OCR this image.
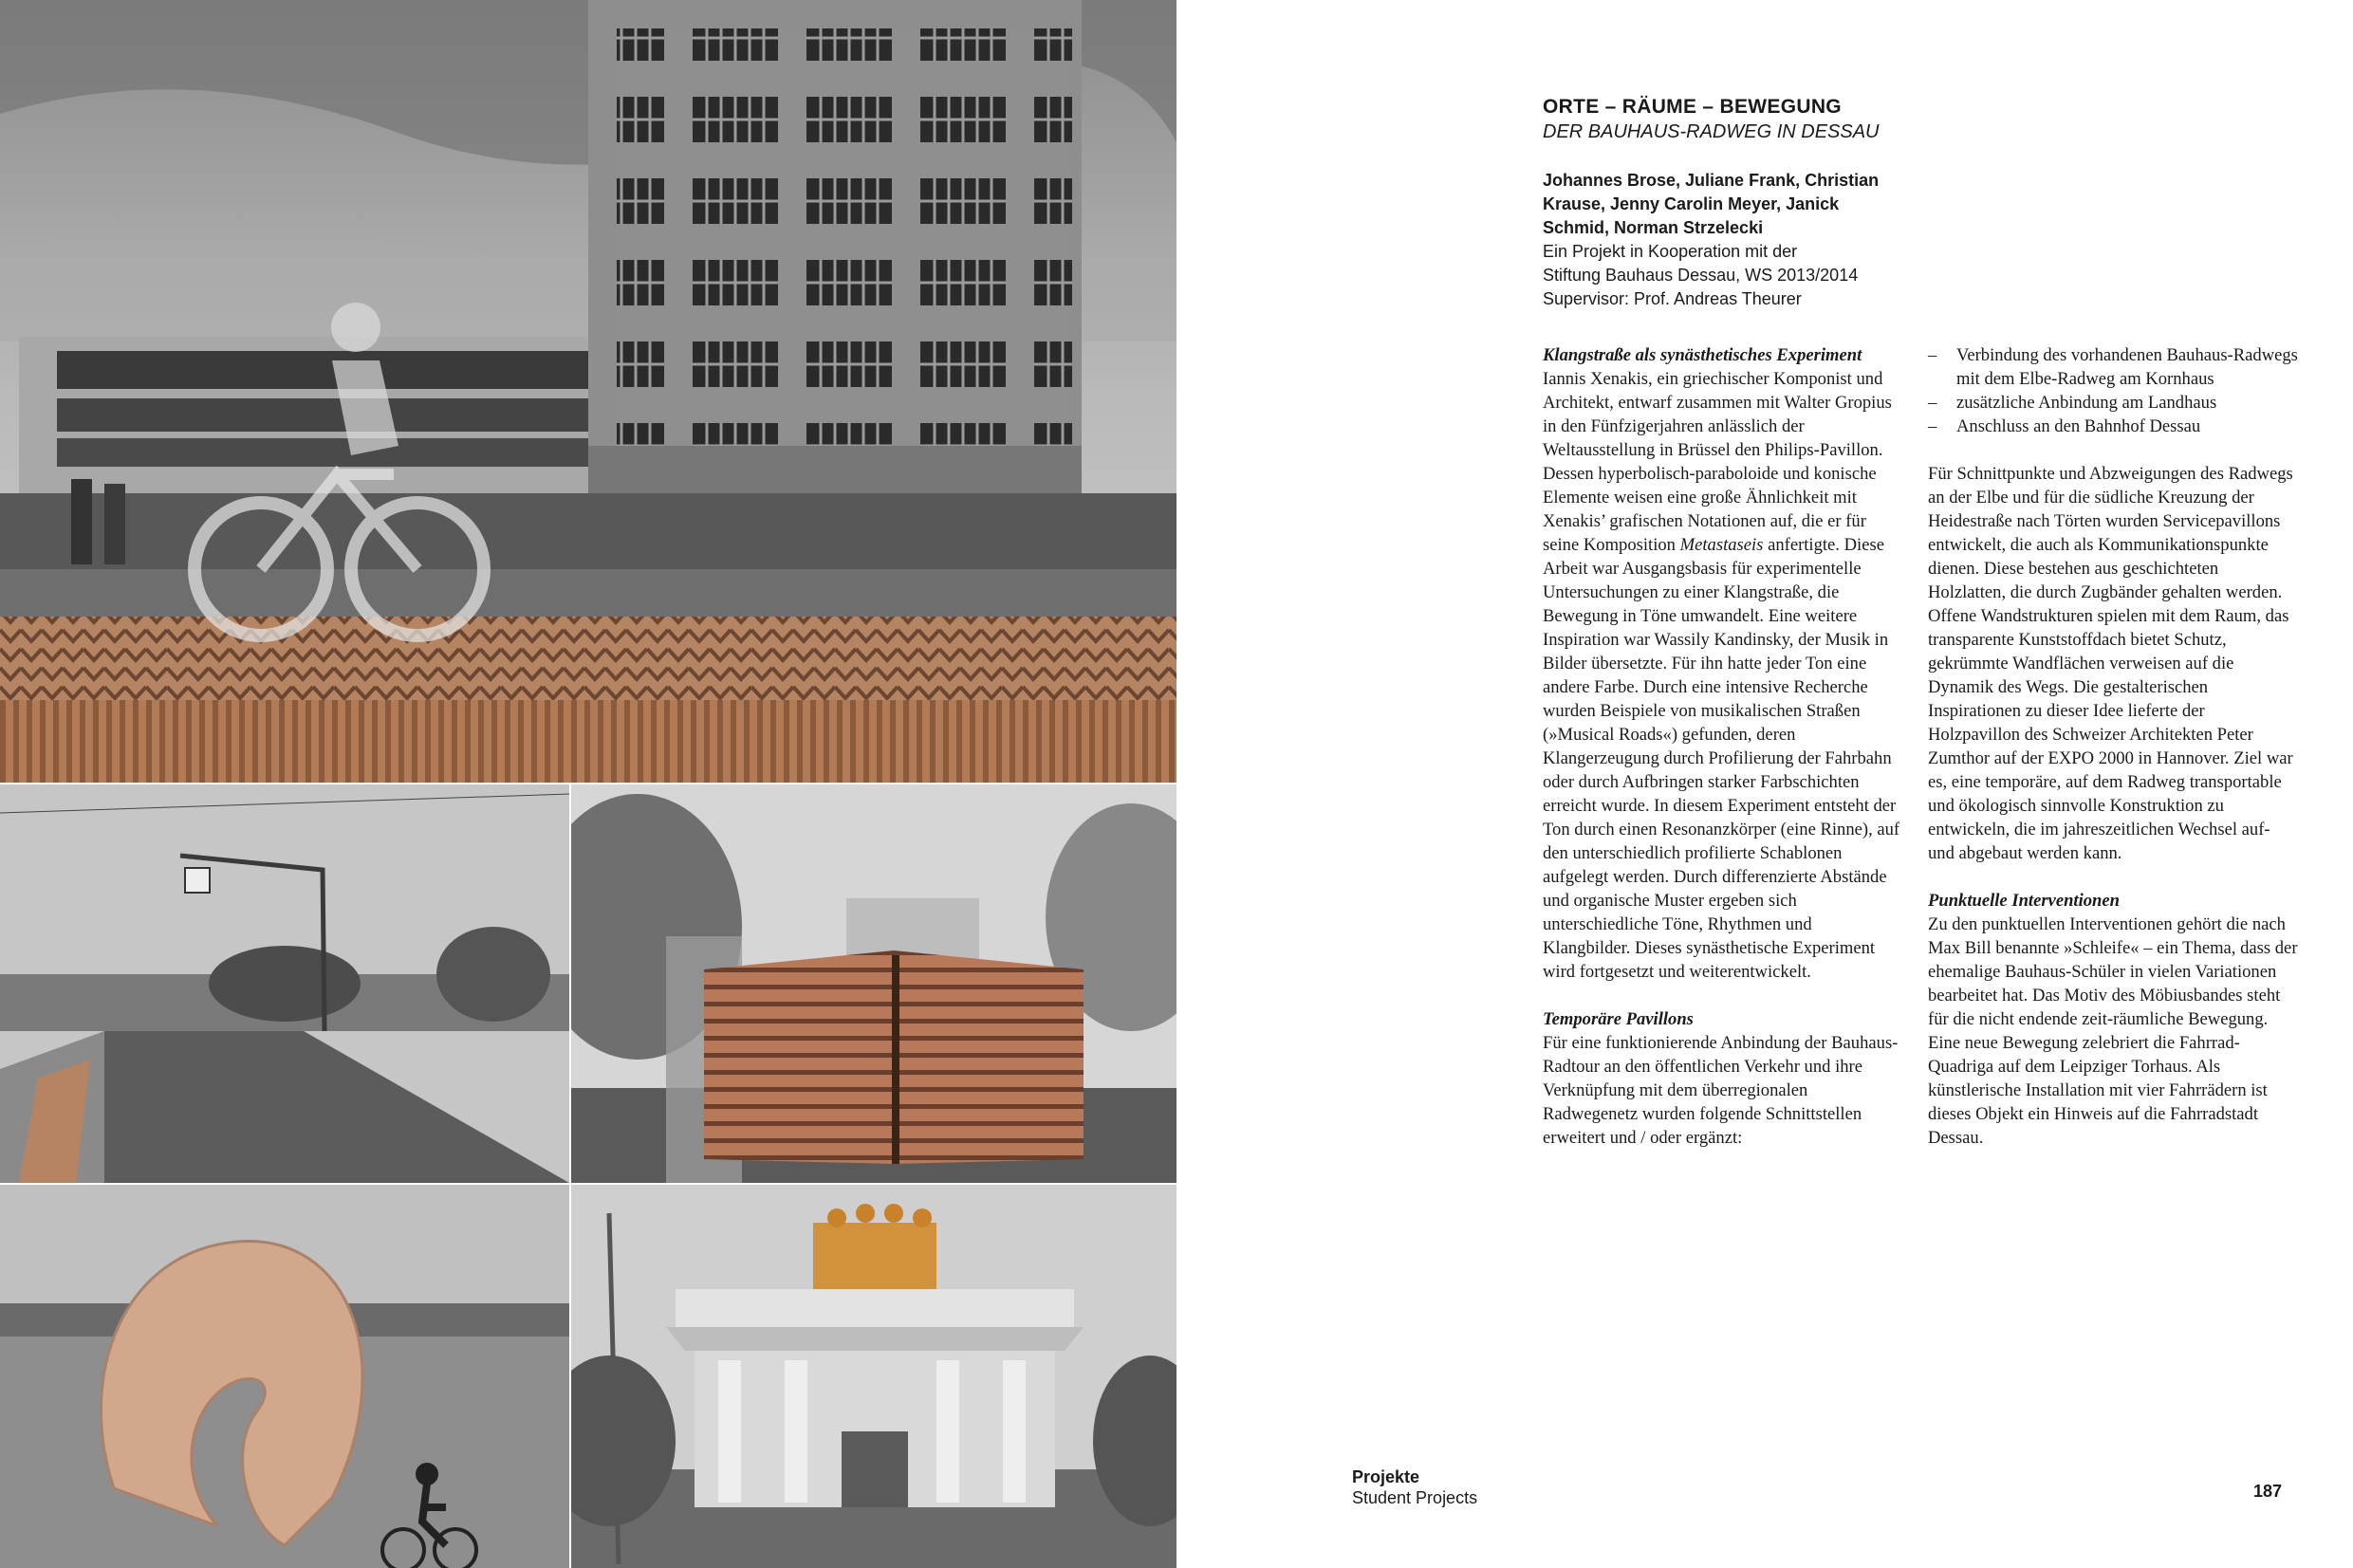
ORTE – RÄUME – BEWEGUNG

DER BAUHAUS-RADWEG IN DESSAU

Johannes Brose, Juliane Frank, Christian Krause, Jenny Carolin Meyer, Janick Schmid, Norman Strzelecki
Ein Projekt in Kooperation mit der
Stiftung Bauhaus Dessau, WS 2013/2014
Supervisor: Prof. Andreas Theurer

Klangstraße als synästhetisches Experiment

Iannis Xenakis, ein griechischer Komponist und Architekt, entwarf zusammen mit Walter Gropius in den Fünfzigerjahren anlässlich der Weltausstellung in Brüssel den Philips-Pavillon. Dessen hyperbolisch-paraboloide und konische Elemente weisen eine große Ähnlichkeit mit Xenakis’ grafischen Notationen auf, die er für seine Komposition Metastaseis anfertigte. Diese Arbeit war Ausgangsbasis für experimentelle Untersuchungen zu einer Klangstraße, die Bewegung in Töne umwandelt. Eine weitere Inspiration war Wassily Kandinsky, der Musik in Bilder übersetzte. Für ihn hatte jeder Ton eine andere Farbe. Durch eine intensive Recherche wurden Beispiele von musikalischen Straßen (»Musical Roads«) gefunden, deren Klangerzeugung durch Profilierung der Fahrbahn oder durch Aufbringen starker Farbschichten erreicht wurde. In diesem Experiment entsteht der Ton durch einen Resonanzkörper (eine Rinne), auf den unterschiedlich profilierte Schablonen aufgelegt werden. Durch differenzierte Abstände und organische Muster ergeben sich unterschiedliche Töne, Rhythmen und Klangbilder. Dieses synästhetische Experiment wird fortgesetzt und weiterentwickelt.

Temporäre Pavillons

Für eine funktionierende Anbindung der Bauhaus-Radtour an den öffentlichen Verkehr und ihre Verknüpfung mit dem überregionalen Radwegenetz wurden folgende Schnittstellen erweitert und / oder ergänzt:

–	Verbindung des vorhandenen Bauhaus-Radwegs mit dem Elbe-Radweg am Kornhaus
–	zusätzliche Anbindung am Landhaus
–	Anschluss an den Bahnhof Dessau

Für Schnittpunkte und Abzweigungen des Radwegs an der Elbe und für die südliche Kreuzung der Heidestraße nach Törten wurden Servicepavillons entwickelt, die auch als Kommunikationspunkte dienen. Diese bestehen aus geschichteten Holzlatten, die durch Zugbänder gehalten werden. Offene Wandstrukturen spielen mit dem Raum, das transparente Kunststoffdach bietet Schutz, gekrümmte Wandflächen verweisen auf die Dynamik des Wegs. Die gestalterischen Inspirationen zu dieser Idee lieferte der Holzpavillon des Schweizer Architekten Peter Zumthor auf der EXPO 2000 in Hannover. Ziel war es, eine temporäre, auf dem Radweg transportable und ökologisch sinnvolle Konstruktion zu entwickeln, die im jahreszeitlichen Wechsel auf- und abgebaut werden kann.

Punktuelle Interventionen

Zu den punktuellen Interventionen gehört die nach Max Bill benannte »Schleife« – ein Thema, dass der ehemalige Bauhaus-Schüler in vielen Variationen bearbeitet hat. Das Motiv des Möbiusbandes steht für die nicht endende zeit-räumliche Bewegung. Eine neue Bewegung zelebriert die Fahrrad-Quadriga auf dem Leipziger Torhaus. Als künstlerische Installation mit vier Fahrrädern ist dieses Objekt ein Hinweis auf die Fahrradstadt Dessau.

Projekte
Student Projects	187
